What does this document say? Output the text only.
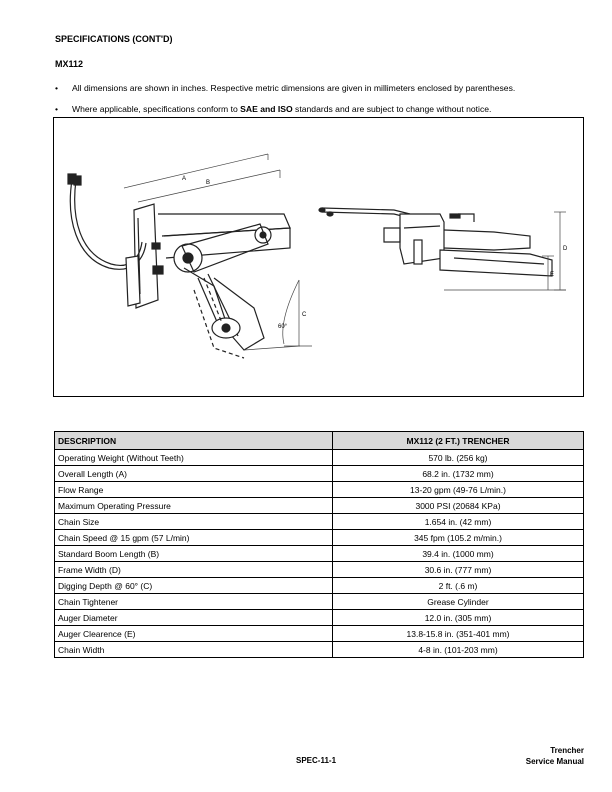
SPECIFICATIONS (CONT'D)
MX112
• All dimensions are shown in inches. Respective metric dimensions are given in millimeters enclosed by parentheses.
• Where applicable, specifications conform to SAE and ISO standards and are subject to change without notice.
A
B
C
60°
D
E
DESCRIPTION	MX112 (2 FT.) TRENCHER
Operating Weight (Without Teeth)	570 lb. (256 kg)
Overall Length (A)	68.2 in. (1732 mm)
Flow Range	13-20 gpm (49-76 L/min.)
Maximum Operating Pressure	3000 PSI (20684 KPa)
Chain Size	1.654 in. (42 mm)
Chain Speed @ 15 gpm (57 L/min)	345 fpm (105.2 m/min.)
Standard Boom Length (B)	39.4 in. (1000 mm)
Frame Width (D)	30.6 in. (777 mm)
Digging Depth @ 60° (C)	2 ft. (.6 m)
Chain Tightener	Grease Cylinder
Auger Diameter	12.0 in. (305 mm)
Auger Clearence (E)	13.8-15.8 in. (351-401 mm)
Chain Width	4-8 in. (101-203 mm)
SPEC-11-1
Trencher
Service Manual
